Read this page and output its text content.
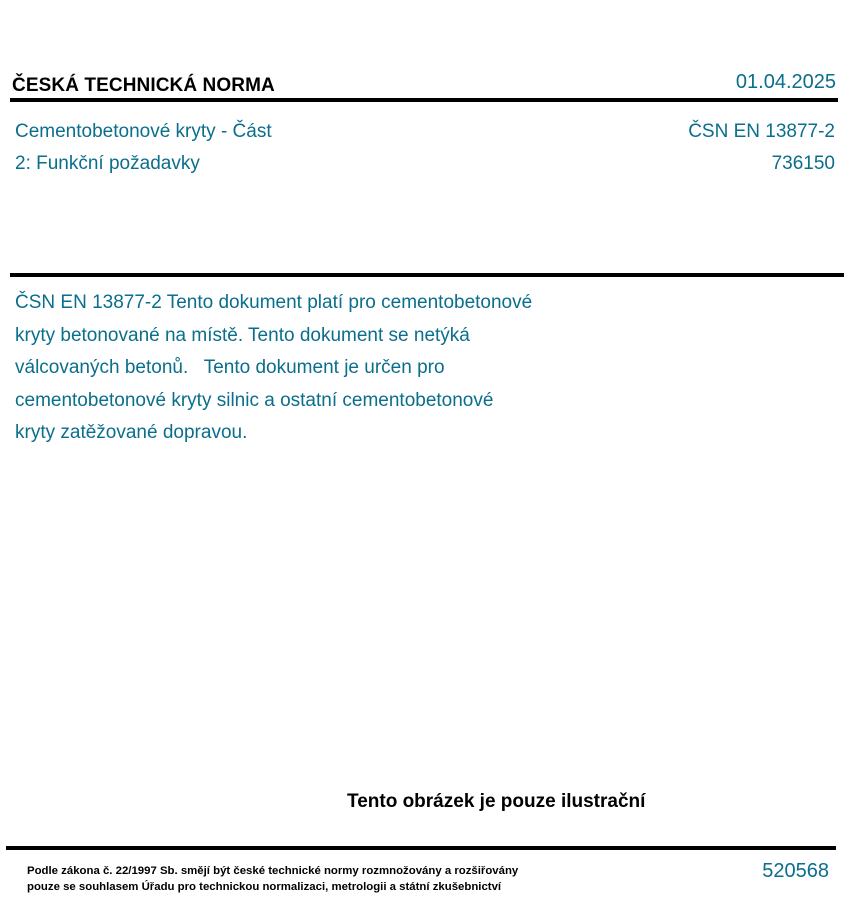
ČESKÁ TECHNICKÁ NORMA	01.04.2025
Cementobetonové kryty - Část
2: Funkční požadavky
ČSN EN 13877-2
736150
ČSN EN 13877-2 Tento dokument platí pro cementobetonové
kryty betonované na místě. Tento dokument se netýká
válcovaných betonů.   Tento dokument je určen pro
cementobetonové kryty silnic a ostatní cementobetonové
kryty zatěžované dopravou.
Tento obrázek je pouze ilustrační
Podle zákona č. 22/1997 Sb. smějí být české technické normy rozmnožovány a rozšiřovány
pouze se souhlasem Úřadu pro technickou normalizaci, metrologii a státní zkušebnictví
520568
